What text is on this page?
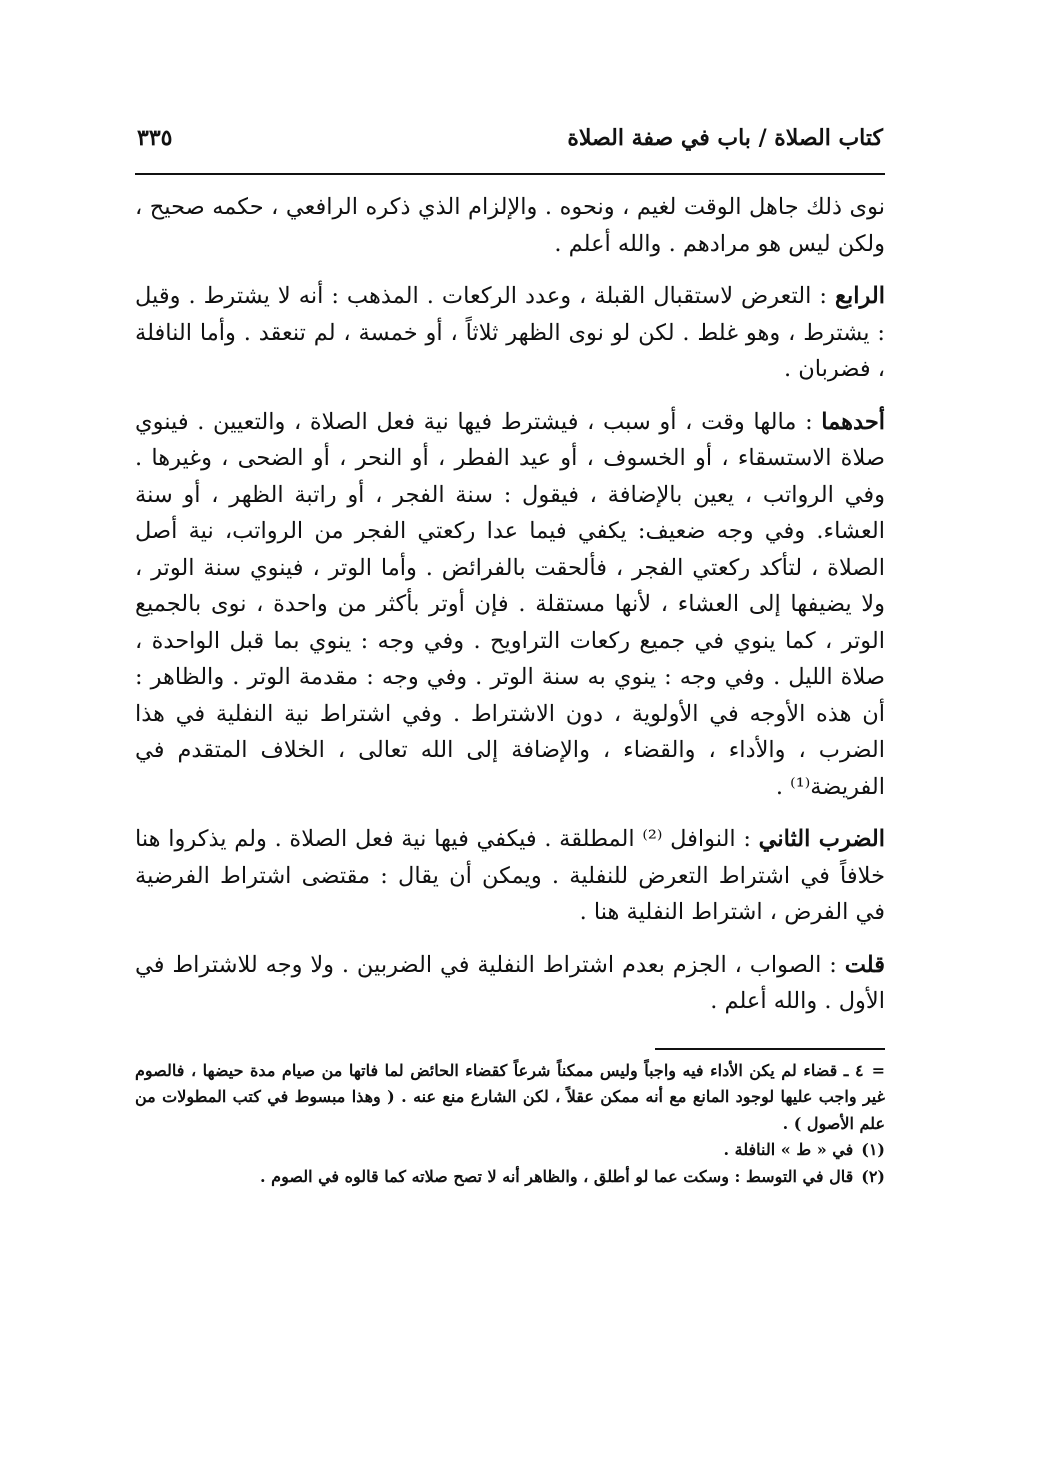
كتاب الصلاة / باب في صفة الصلاة
٣٣٥

نوى ذلك جاهل الوقت لغيم ، ونحوه . والإلزام الذي ذكره الرافعي ، حكمه صحيح ، ولكن ليس هو مرادهم . والله أعلم .

الرابع : التعرض لاستقبال القبلة ، وعدد الركعات . المذهب : أنه لا يشترط . وقيل : يشترط ، وهو غلط . لكن لو نوى الظهر ثلاثاً ، أو خمسة ، لم تنعقد . وأما النافلة ، فضربان .

أحدهما : مالها وقت ، أو سبب ، فيشترط فيها نية فعل الصلاة ، والتعيين . فينوي صلاة الاستسقاء ، أو الخسوف ، أو عيد الفطر ، أو النحر ، أو الضحى ، وغيرها . وفي الرواتب ، يعين بالإضافة ، فيقول : سنة الفجر ، أو راتبة الظهر ، أو سنة العشاء. وفي وجه ضعيف: يكفي فيما عدا ركعتي الفجر من الرواتب، نية أصل الصلاة ، لتأكد ركعتي الفجر ، فألحقت بالفرائض . وأما الوتر ، فينوي سنة الوتر ، ولا يضيفها إلى العشاء ، لأنها مستقلة . فإن أوتر بأكثر من واحدة ، نوى بالجميع الوتر ، كما ينوي في جميع ركعات التراويح . وفي وجه : ينوي بما قبل الواحدة ، صلاة الليل . وفي وجه : ينوي به سنة الوتر . وفي وجه : مقدمة الوتر . والظاهر : أن هذه الأوجه في الأولوية ، دون الاشتراط . وفي اشتراط نية النفلية في هذا الضرب ، والأداء ، والقضاء ، والإضافة إلى الله تعالى ، الخلاف المتقدم في الفريضة⁽¹⁾ .

الضرب الثاني : النوافل ⁽²⁾ المطلقة . فيكفي فيها نية فعل الصلاة . ولم يذكروا هنا خلافاً في اشتراط التعرض للنفلية . ويمكن أن يقال : مقتضى اشتراط الفرضية في الفرض ، اشتراط النفلية هنا .

قلت : الصواب ، الجزم بعدم اشتراط النفلية في الضربين . ولا وجه للاشتراط في الأول . والله أعلم .

=٤ ـ قضاء لم يكن الأداء فيه واجباً وليس ممكناً شرعاً كقضاء الحائض لما فاتها من صيام مدة حيضها ، فالصوم غير واجب عليها لوجود المانع مع أنه ممكن عقلاً ، لكن الشارع منع عنه . ( وهذا مبسوط في كتب المطولات من علم الأصول ) .

(١)في « ط » النافلة .

(٢)قال في التوسط : وسكت عما لو أطلق ، والظاهر أنه لا تصح صلاته كما قالوه في الصوم .
